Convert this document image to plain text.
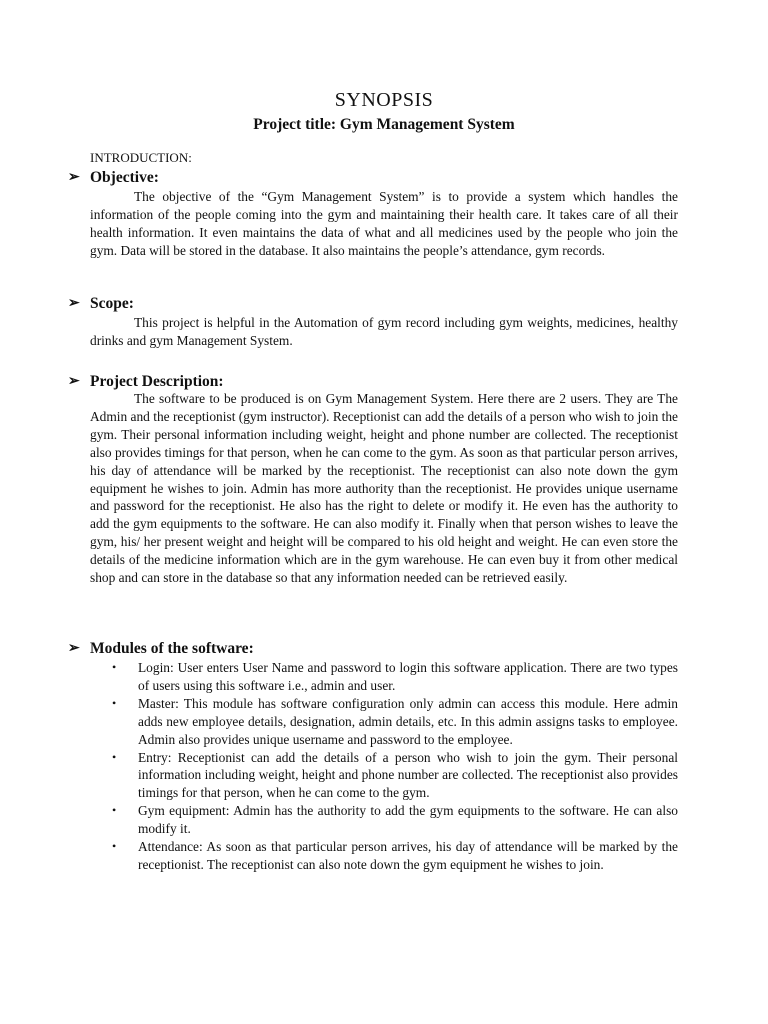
SYNOPSIS
Project title: Gym Management System
INTRODUCTION:
➢ Objective:

The objective of the “Gym Management System” is to provide a system which handles the information of the people coming into the gym and maintaining their health care. It takes care of all their health information. It even maintains the data of what and all medicines used by the people who join the gym. Data will be stored in the database. It also maintains the people’s attendance, gym records.

➢ Scope:

This project is helpful in the Automation of gym record including gym weights, medicines, healthy drinks and gym Management System.

➢ Project Description:

The software to be produced is on Gym Management System. Here there are 2 users. They are The Admin and the receptionist (gym instructor). Receptionist can add the details of a person who wish to join the gym. Their personal information including weight, height and phone number are collected. The receptionist also provides timings for that person, when he can come to the gym. As soon as that particular person arrives, his day of attendance will be marked by the receptionist. The receptionist can also note down the gym equipment he wishes to join. Admin has more authority than the receptionist. He provides unique username and password for the receptionist. He also has the right to delete or modify it. He even has the authority to add the gym equipments to the software. He can also modify it. Finally when that person wishes to leave the gym, his/ her present weight and height will be compared to his old height and weight. He can even store the details of the medicine information which are in the gym warehouse. He can even buy it from other medical shop and can store in the database so that any information needed can be retrieved easily.

➢ Modules of the software:
• Login: User enters User Name and password to login this software application. There are two types of users using this software i.e., admin and user.
• Master: This module has software configuration only admin can access this module. Here admin adds new employee details, designation, admin details, etc. In this admin assigns tasks to employee. Admin also provides unique username and password to the employee.
• Entry: Receptionist can add the details of a person who wish to join the gym. Their personal information including weight, height and phone number are collected. The receptionist also provides timings for that person, when he can come to the gym.
• Gym equipment: Admin has the authority to add the gym equipments to the software. He can also modify it.
• Attendance: As soon as that particular person arrives, his day of attendance will be marked by the receptionist. The receptionist can also note down the gym equipment he wishes to join.
